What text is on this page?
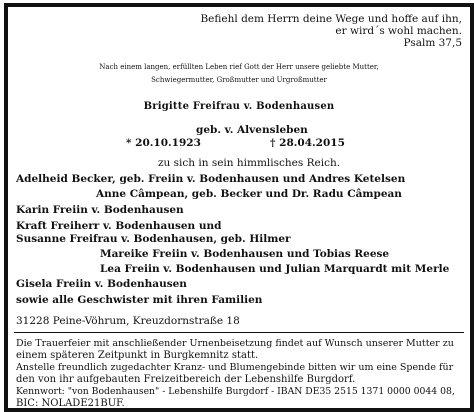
Befiehl dem Herrn deine Wege und hoffe auf ihn,
er wird´s wohl machen.
Psalm 37,5
Nach einem langen, erfüllten Leben rief Gott der Herr unsere geliebte Mutter,
Schwiegermutter, Großmutter und Urgroßmutter
Brigitte Freifrau v. Bodenhausen
geb. v. Alvensleben
* 20.10.1923	† 28.04.2015
zu sich in sein himmlisches Reich.
Adelheid Becker, geb. Freiin v. Bodenhausen und Andres Ketelsen
Anne Câmpean, geb. Becker und Dr. Radu Câmpean
Karin Freiin v. Bodenhausen
Kraft Freiherr v. Bodenhausen und
Susanne Freifrau v. Bodenhausen, geb. Hilmer
Mareike Freiin v. Bodenhausen und Tobias Reese
Lea Freiin v. Bodenhausen und Julian Marquardt mit Merle
Gisela Freiin v. Bodenhausen
sowie alle Geschwister mit ihren Familien
31228 Peine-Vöhrum, Kreuzdornstraße 18
Die Trauerfeier mit anschließender Urnenbeisetzung findet auf Wunsch unserer Mutter zu
einem späteren Zeitpunkt in Burgkemnitz statt.
Anstelle freundlich zugedachter Kranz- und Blumengebinde bitten wir um eine Spende für
den von ihr aufgebauten Freizeitbereich der Lebenshilfe Burgdorf.
Kennwort: "von Bodenhausen" - Lebenshilfe Burgdorf - IBAN DE35 2515 1371 0000 0044 08,
BIC: NOLADE21BUF.
